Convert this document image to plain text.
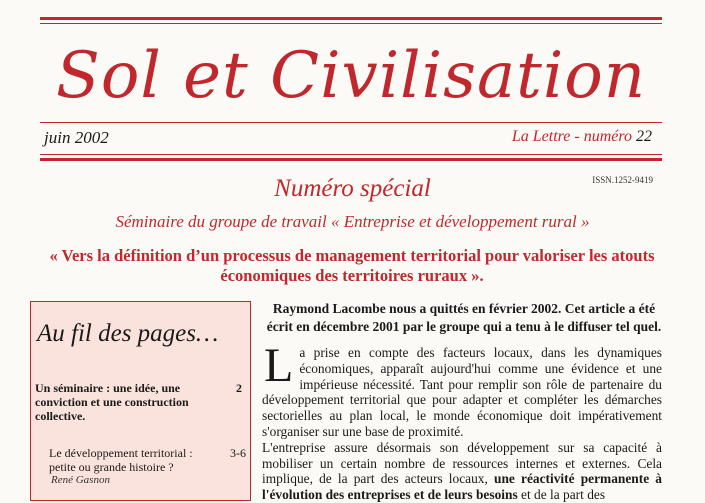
Sol et Civilisation
juin 2002	La Lettre - numéro 22
ISSN.1252-9419
Numéro spécial
Séminaire du groupe de travail « Entreprise et développement rural »
« Vers la définition d’un processus de management territorial pour valoriser les atouts économiques des territoires ruraux ».
Au fil des pages…
Un séminaire : une idée, une conviction et une construction collective.
2
Le développement territorial : petite ou grande histoire ?
3-6
René Gasnon
Raymond Lacombe nous a quittés en février 2002. Cet article a été écrit en décembre 2001 par le groupe qui a tenu à le diffuser tel quel.

La prise en compte des facteurs locaux, dans les dynamiques économiques, apparaît aujourd'hui comme une évidence et une impérieuse nécessité. Tant pour remplir son rôle de partenaire du développement territorial que pour adapter et compléter les démarches sectorielles au plan local, le monde économique doit impérativement s'organiser sur une base de proximité.

L'entreprise assure désormais son développement sur sa capacité à mobiliser un certain nombre de ressources internes et externes. Cela implique, de la part des acteurs locaux, une réactivité permanente à l'évolution des entreprises et de leurs besoins et de la part des
